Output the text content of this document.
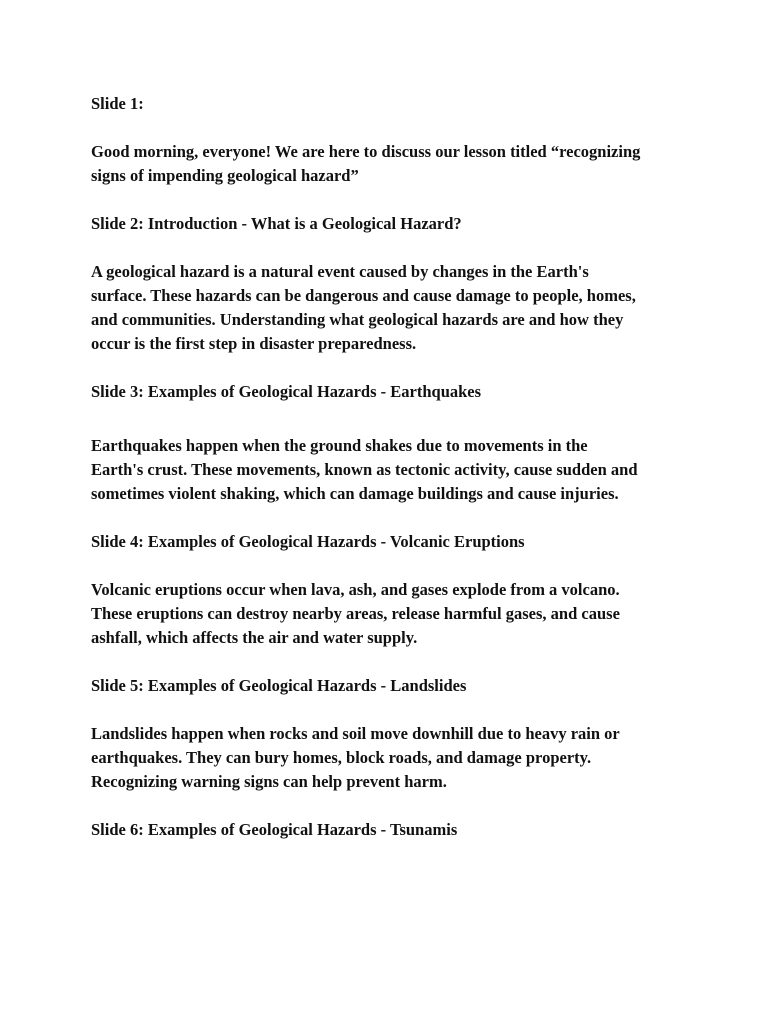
Slide 1:

Good morning, everyone! We are here to discuss our lesson titled “recognizing
signs of impending geological hazard”

Slide 2: Introduction - What is a Geological Hazard?

A geological hazard is a natural event caused by changes in the Earth's
surface. These hazards can be dangerous and cause damage to people, homes,
and communities. Understanding what geological hazards are and how they
occur is the first step in disaster preparedness.

Slide 3: Examples of Geological Hazards - Earthquakes

Earthquakes happen when the ground shakes due to movements in the
Earth's crust. These movements, known as tectonic activity, cause sudden and
sometimes violent shaking, which can damage buildings and cause injuries.

Slide 4: Examples of Geological Hazards - Volcanic Eruptions

Volcanic eruptions occur when lava, ash, and gases explode from a volcano.
These eruptions can destroy nearby areas, release harmful gases, and cause
ashfall, which affects the air and water supply.

Slide 5: Examples of Geological Hazards - Landslides

Landslides happen when rocks and soil move downhill due to heavy rain or
earthquakes. They can bury homes, block roads, and damage property.
Recognizing warning signs can help prevent harm.

Slide 6: Examples of Geological Hazards - Tsunamis
